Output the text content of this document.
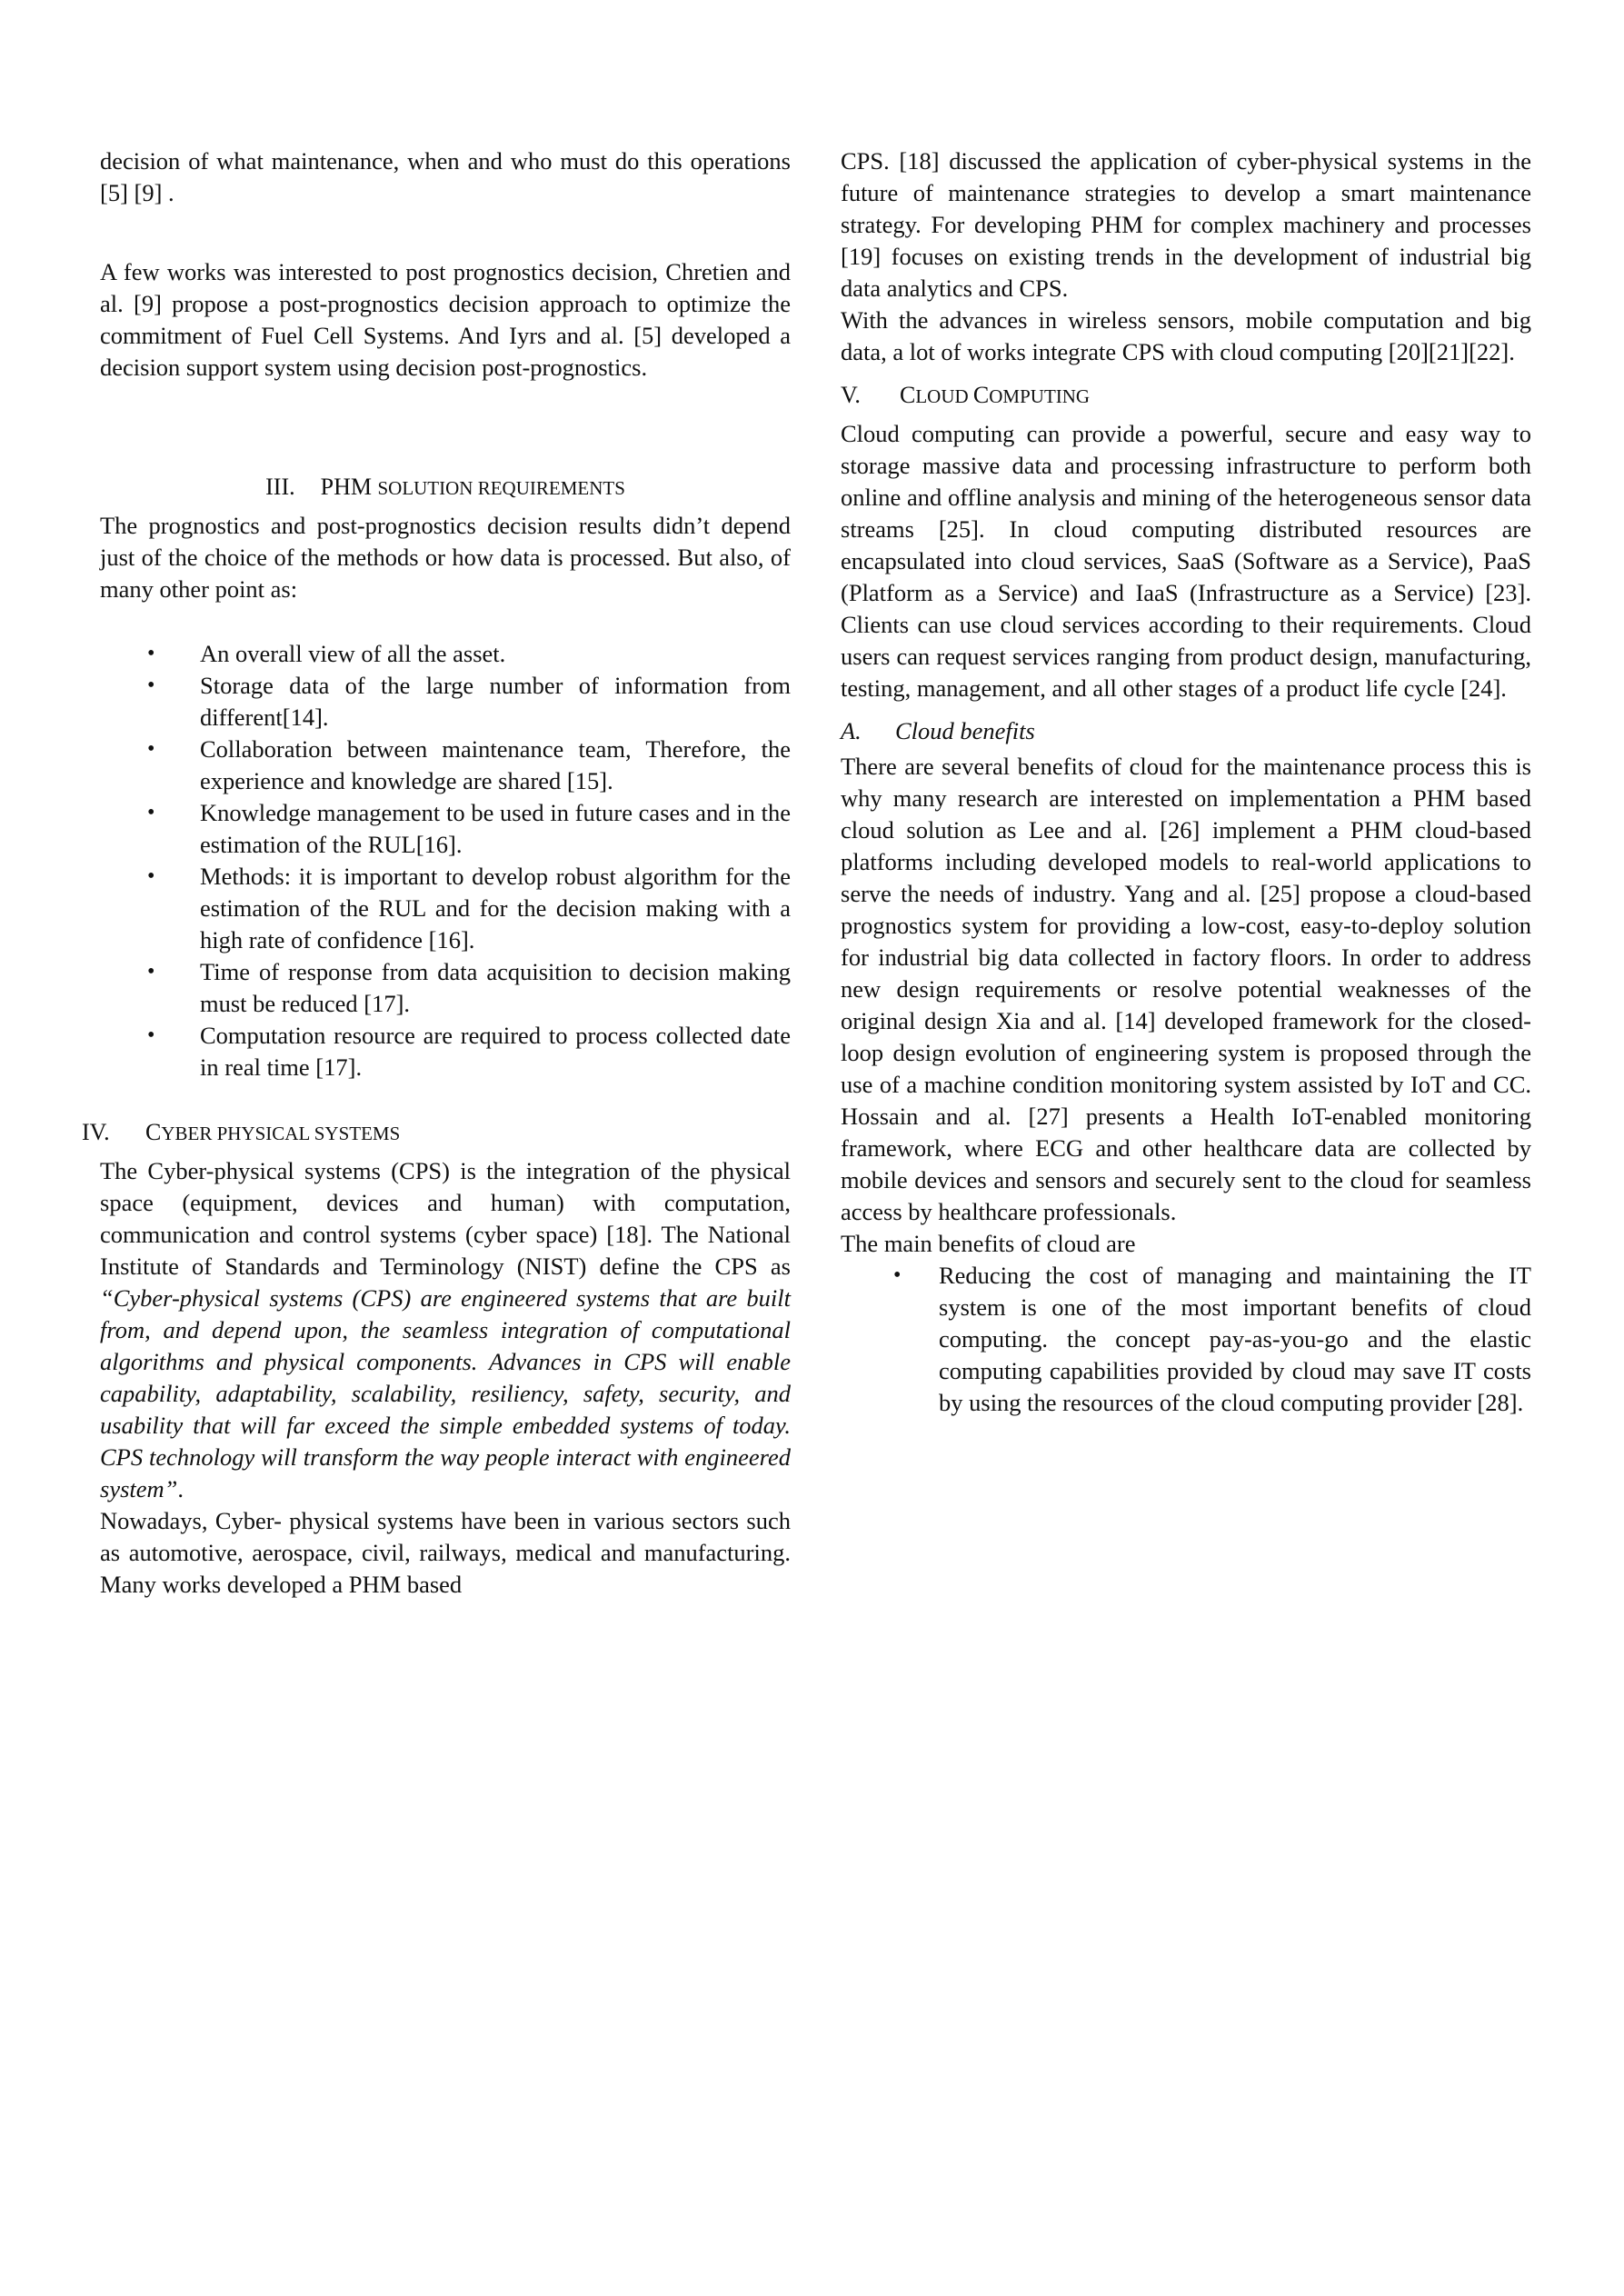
decision of what maintenance, when and who must do this operations [5] [9] .

A few works was interested to post prognostics decision, Chretien and al. [9] propose a post-prognostics decision approach to optimize the commitment of Fuel Cell Systems. And Iyrs and al. [5] developed a decision support system using decision post-prognostics.

III. PHM SOLUTION REQUIREMENTS

The prognostics and post-prognostics decision results didn’t depend just of the choice of the methods or how data is processed. But also, of many other point as:

• An overall view of all the asset.
• Storage data of the large number of information from different[14].
• Collaboration between maintenance team, Therefore, the experience and knowledge are shared [15].
• Knowledge management to be used in future cases and in the estimation of the RUL[16].
• Methods: it is important to develop robust algorithm for the estimation of the RUL and for the decision making with a high rate of confidence [16].
• Time of response from data acquisition to decision making must be reduced [17].
• Computation resource are required to process collected date in real time [17].
IV. CYBER PHYSICAL SYSTEMS

The Cyber-physical systems (CPS) is the integration of the physical space (equipment, devices and human) with computation, communication and control systems (cyber space) [18]. The National Institute of Standards and Terminology (NIST) define the CPS as “Cyber-physical systems (CPS) are engineered systems that are built from, and depend upon, the seamless integration of computational algorithms and physical components. Advances in CPS will enable capability, adaptability, scalability, resiliency, safety, security, and usability that will far exceed the simple embedded systems of today. CPS technology will transform the way people interact with engineered system”.

Nowadays, Cyber- physical systems have been in various sectors such as automotive, aerospace, civil, railways, medical and manufacturing. Many works developed a PHM based

CPS. [18] discussed the application of cyber-physical systems in the future of maintenance strategies to develop a smart maintenance strategy. For developing PHM for complex machinery and processes [19] focuses on existing trends in the development of industrial big data analytics and CPS.

With the advances in wireless sensors, mobile computation and big data, a lot of works integrate CPS with cloud computing [20][21][22].

V. CLOUD COMPUTING

Cloud computing can provide a powerful, secure and easy way to storage massive data and processing infrastructure to perform both online and offline analysis and mining of the heterogeneous sensor data streams [25]. In cloud computing distributed resources are encapsulated into cloud services, SaaS (Software as a Service), PaaS (Platform as a Service) and IaaS (Infrastructure as a Service) [23]. Clients can use cloud services according to their requirements. Cloud users can request services ranging from product design, manufacturing, testing, management, and all other stages of a product life cycle [24].

A. Cloud benefits

There are several benefits of cloud for the maintenance process this is why many research are interested on implementation a PHM based cloud solution as Lee and al. [26] implement a PHM cloud-based platforms including developed models to real-world applications to serve the needs of industry. Yang and al. [25] propose a cloud-based prognostics system for providing a low-cost, easy-to-deploy solution for industrial big data collected in factory floors. In order to address new design requirements or resolve potential weaknesses of the original design Xia and al. [14] developed framework for the closed-loop design evolution of engineering system is proposed through the use of a machine condition monitoring system assisted by IoT and CC. Hossain and al. [27] presents a Health IoT-enabled monitoring framework, where ECG and other healthcare data are collected by mobile devices and sensors and securely sent to the cloud for seamless access by healthcare professionals.

The main benefits of cloud are

• Reducing the cost of managing and maintaining the IT system is one of the most important benefits of cloud computing. the concept pay-as-you-go and the elastic computing capabilities provided by cloud may save IT costs by using the resources of the cloud computing provider [28].
